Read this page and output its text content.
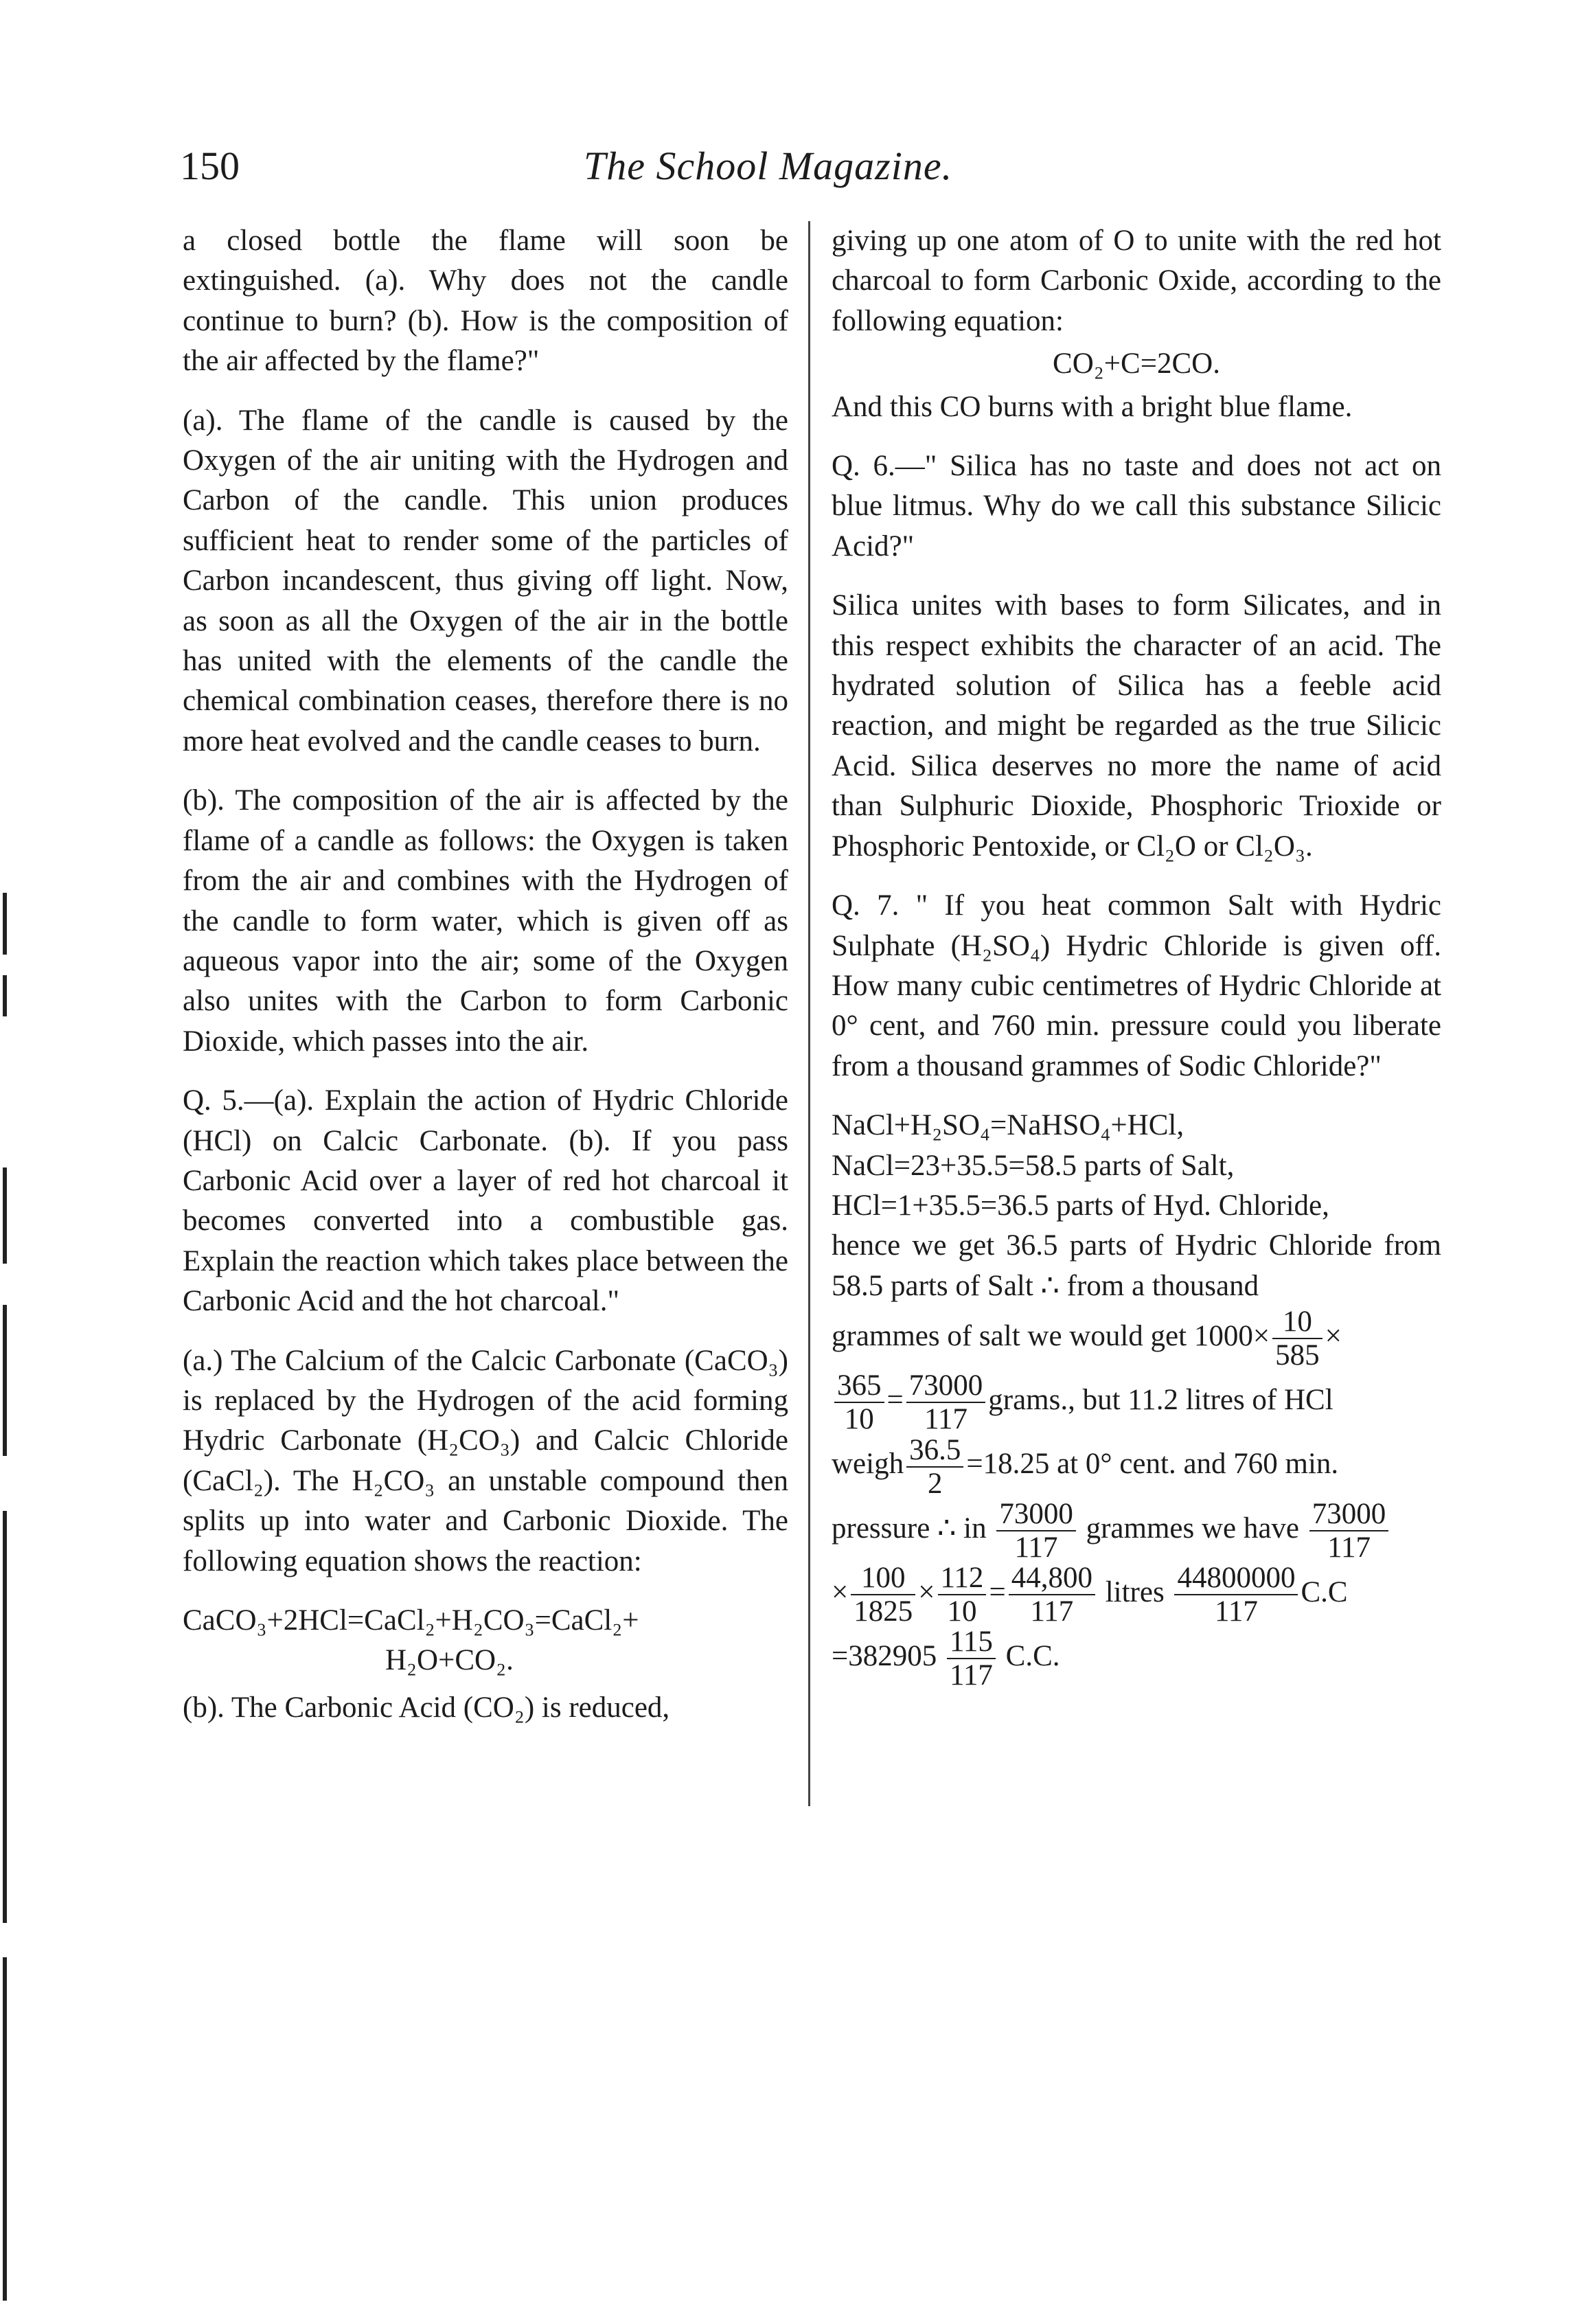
150	The School Magazine.

a closed bottle the flame will soon be extinguished. (a). Why does not the candle continue to burn? (b). How is the composition of the air affected by the flame?"

(a). The flame of the candle is caused by the Oxygen of the air uniting with the Hydrogen and Carbon of the candle. This union produces sufficient heat to render some of the particles of Carbon incandescent, thus giving off light. Now, as soon as all the Oxygen of the air in the bottle has united with the elements of the candle the chemical combination ceases, therefore there is no more heat evolved and the candle ceases to burn.

(b). The composition of the air is affected by the flame of a candle as follows: the Oxygen is taken from the air and combines with the Hydrogen of the candle to form water, which is given off as aqueous vapor into the air; some of the Oxygen also unites with the Carbon to form Carbonic Dioxide, which passes into the air.

Q. 5.—(a). Explain the action of Hydric Chloride (HCl) on Calcic Carbonate. (b). If you pass Carbonic Acid over a layer of red hot charcoal it becomes converted into a combustible gas. Explain the reaction which takes place between the Carbonic Acid and the hot charcoal."

(a.) The Calcium of the Calcic Carbonate (CaCO₃) is replaced by the Hydrogen of the acid forming Hydric Carbonate (H₂CO₃) and Calcic Chloride (CaCl₂). The H₂CO₃ an unstable compound then splits up into water and Carbonic Dioxide. The following equation shows the reaction:

CaCO₃+2HCl=CaCl₂+H₂CO₃=CaCl₂+
H₂O+CO₂.

(b). The Carbonic Acid (CO₂) is reduced,

giving up one atom of O to unite with the red hot charcoal to form Carbonic Oxide, according to the following equation:

CO₂+C=2CO.

And this CO burns with a bright blue flame.

Q. 6.—" Silica has no taste and does not act on blue litmus. Why do we call this substance Silicic Acid?"

Silica unites with bases to form Silicates, and in this respect exhibits the character of an acid. The hydrated solution of Silica has a feeble acid reaction, and might be regarded as the true Silicic Acid. Silica deserves no more the name of acid than Sulphuric Dioxide, Phosphoric Trioxide or Phosphoric Pentoxide, or Cl₂O or Cl₂O₃.

Q. 7. " If you heat common Salt with Hydric Sulphate (H₂SO₄) Hydric Chloride is given off. How many cubic centimetres of Hydric Chloride at 0° cent, and 760 min. pressure could you liberate from a thousand grammes of Sodic Chloride?"

NaCl+H₂SO₄=NaHSO₄+HCl,
NaCl=23+35.5=58.5 parts of Salt,
HCl=1+35.5=36.5 parts of Hyd. Chloride,

hence we get 36.5 parts of Hydric Chloride from 58.5 parts of Salt ∴ from a thousand

grammes of salt we would get $1000\times \frac{10}{585}$ ×
$\frac{365}{10} = \frac{73000}{117}$ grams., but 11.2 litres of HCl
weigh $\frac{36.5}{2} =18.25$ at 0° cent. and 760 min.
pressure ∴ in $\frac{73000}{117}$ grammes we have $\frac{73000}{117}$
× $\frac{100}{1825} \times \frac{112}{10} = \frac{44,800}{117}$ litres $\frac{44800000}{117} C.C$
$=382905 \frac{115}{117} C.C$.
